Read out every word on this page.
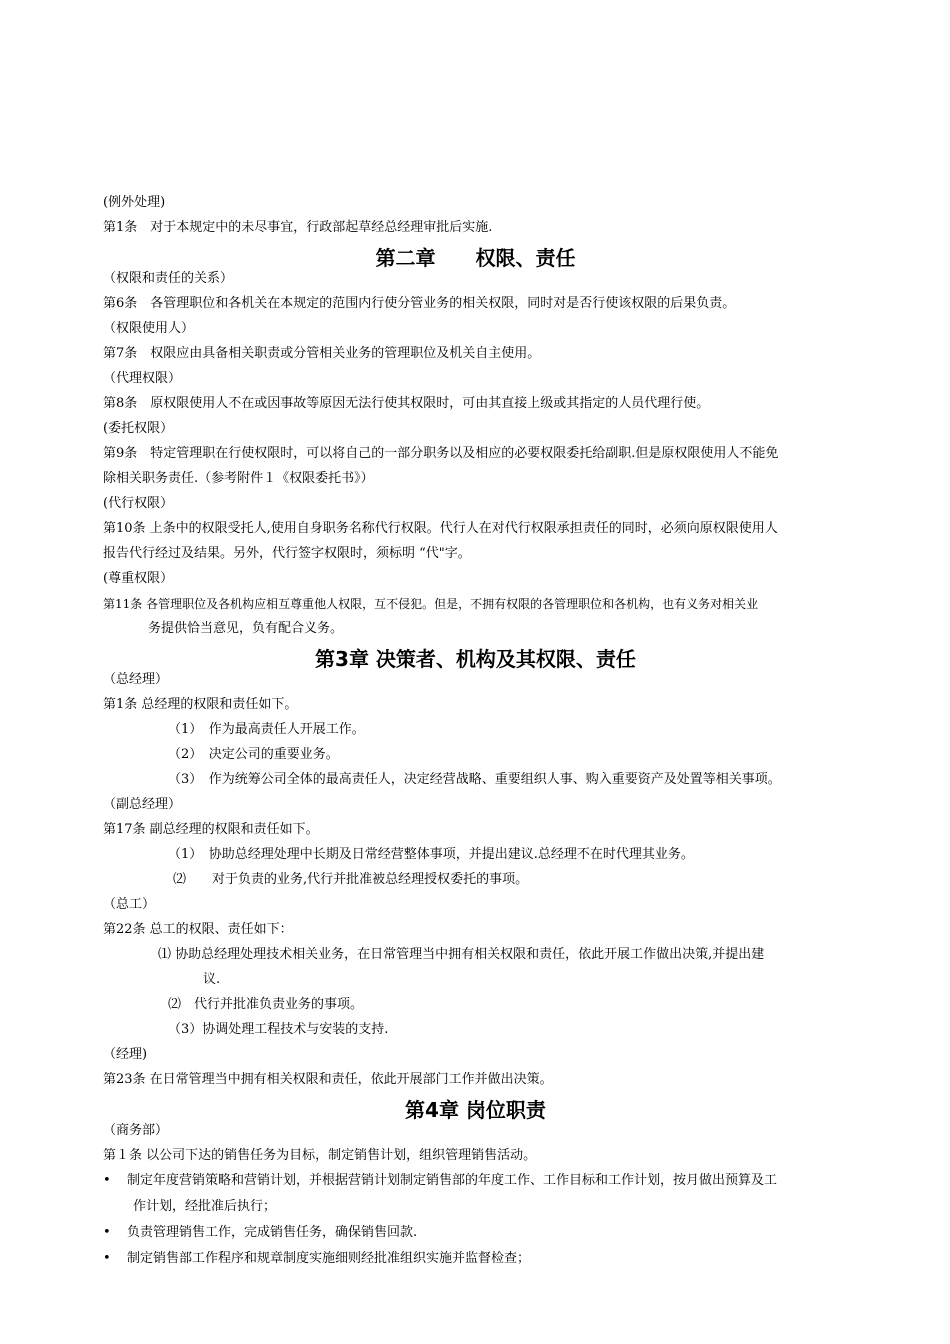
(例外处理)
第1条　对于本规定中的未尽事宜，行政部起草经总经理审批后实施.
第二章　　权限、责任
（权限和责任的关系）
第6条　各管理职位和各机关在本规定的范围内行使分管业务的相关权限，同时对是否行使该权限的后果负责。
（权限使用人）
第7条　权限应由具备相关职责或分管相关业务的管理职位及机关自主使用。
（代理权限）
第8条　原权限使用人不在或因事故等原因无法行使其权限时，可由其直接上级或其指定的人员代理行使。
(委托权限）
第9条　特定管理职在行使权限时，可以将自己的一部分职务以及相应的必要权限委托给副职.但是原权限使用人不能免
除相关职务责任.（参考附件１《权限委托书》）
(代行权限）
第10条 上条中的权限受托人,使用自身职务名称代行权限。代行人在对代行权限承担责任的同时，必须向原权限使用人
报告代行经过及结果。另外，代行签字权限时，须标明 “代"字。
(尊重权限）
第11条 各管理职位及各机构应相互尊重他人权限，互不侵犯。但是，不拥有权限的各管理职位和各机构，也有义务对相关业
务提供恰当意见，负有配合义务。
第3章 决策者、机构及其权限、责任
（总经理）
第1条 总经理的权限和责任如下。
（1）　作为最高责任人开展工作。
（2）　决定公司的重要业务。
（3）　作为统筹公司全体的最高责任人，决定经营战略、重要组织人事、购入重要资产及处置等相关事项。
（副总经理）
第17条 副总经理的权限和责任如下。
（1）　协助总经理处理中长期及日常经营整体事项，并提出建议.总经理不在时代理其业务。
⑵　　对于负责的业务,代行并批准被总经理授权委托的事项。
（总工）
第22条 总工的权限、责任如下：
⑴ 协助总经理处理技术相关业务，在日常管理当中拥有相关权限和责任，依此开展工作做出决策,并提出建
议.
⑵　代行并批准负责业务的事项。
（3）协调处理工程技术与安装的支持.
（经理)
第23条 在日常管理当中拥有相关权限和责任，依此开展部门工作并做出决策。
第4章 岗位职责
（商务部）
第１条 以公司下达的销售任务为目标，制定销售计划，组织管理销售活动。
•	制定年度营销策略和营销计划，并根据营销计划制定销售部的年度工作、工作目标和工作计划，按月做出预算及工
作计划，经批准后执行；
•	负责管理销售工作，完成销售任务，确保销售回款.
•	制定销售部工作程序和规章制度实施细则经批准组织实施并监督检查；
